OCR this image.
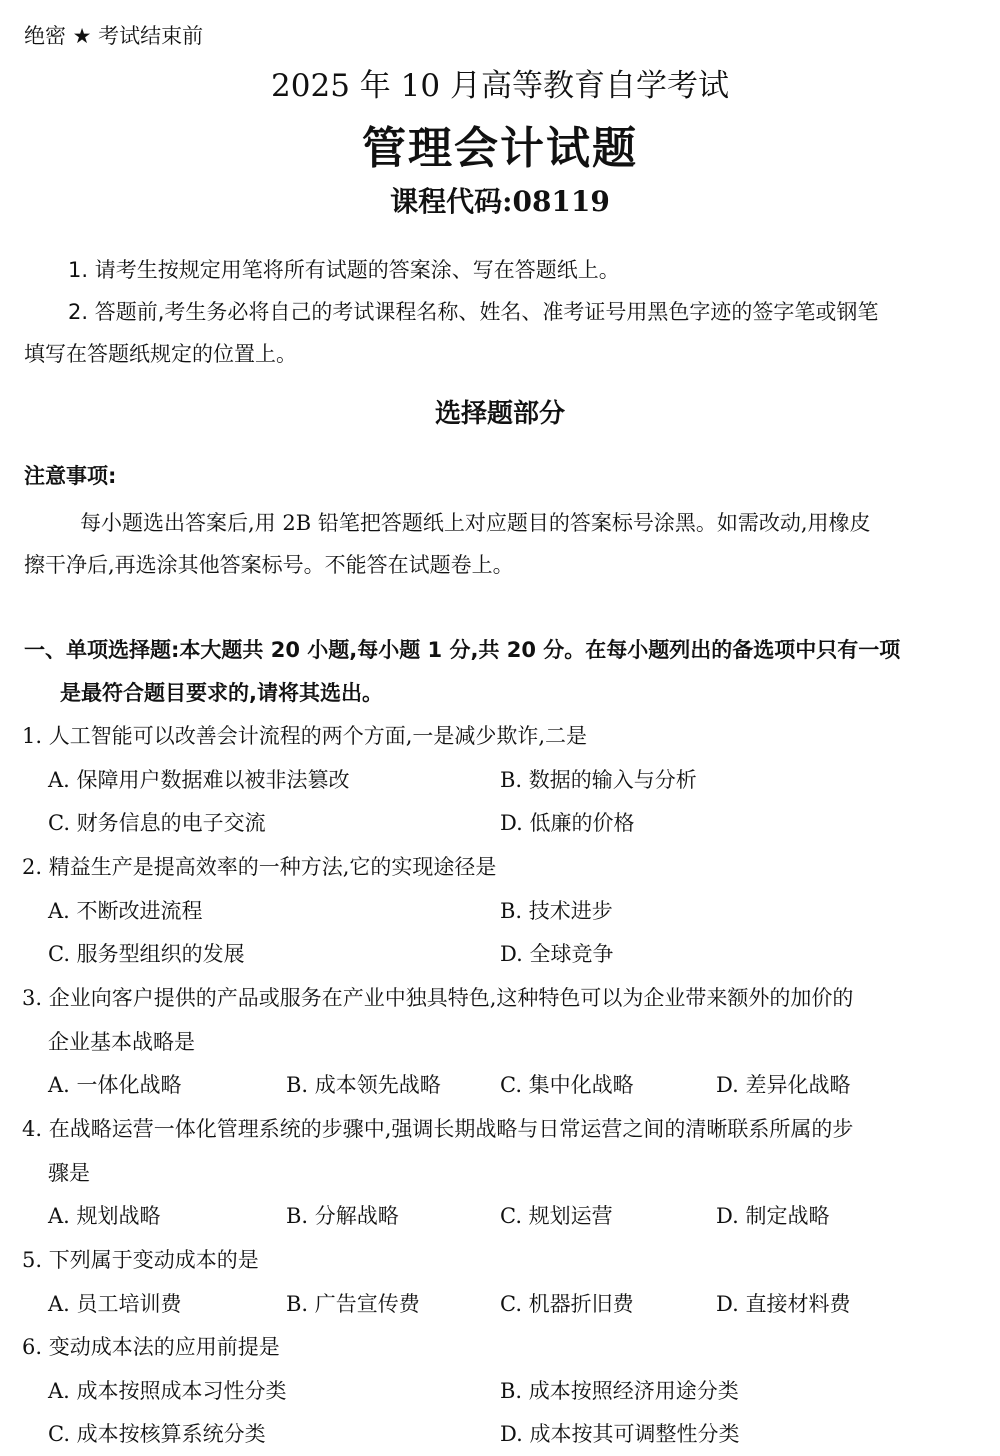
绝密 ★ 考试结束前
2025 年 10 月高等教育自学考试
管理会计试题
课程代码:08119
1. 请考生按规定用笔将所有试题的答案涂、写在答题纸上。
2. 答题前,考生务必将自己的考试课程名称、姓名、准考证号用黑色字迹的签字笔或钢笔
填写在答题纸规定的位置上。
选择题部分
注意事项:
每小题选出答案后,用 2B 铅笔把答题纸上对应题目的答案标号涂黑。如需改动,用橡皮
擦干净后,再选涂其他答案标号。不能答在试题卷上。
一、单项选择题:本大题共 20 小题,每小题 1 分,共 20 分。在每小题列出的备选项中只有一项
是最符合题目要求的,请将其选出。
1. 人工智能可以改善会计流程的两个方面,一是减少欺诈,二是
A. 保障用户数据难以被非法篡改	B. 数据的输入与分析
C. 财务信息的电子交流	D. 低廉的价格
2. 精益生产是提高效率的一种方法,它的实现途径是
A. 不断改进流程	B. 技术进步
C. 服务型组织的发展	D. 全球竞争
3. 企业向客户提供的产品或服务在产业中独具特色,这种特色可以为企业带来额外的加价的
企业基本战略是
A. 一体化战略	B. 成本领先战略	C. 集中化战略	D. 差异化战略
4. 在战略运营一体化管理系统的步骤中,强调长期战略与日常运营之间的清晰联系所属的步
骤是
A. 规划战略	B. 分解战略	C. 规划运营	D. 制定战略
5. 下列属于变动成本的是
A. 员工培训费	B. 广告宣传费	C. 机器折旧费	D. 直接材料费
6. 变动成本法的应用前提是
A. 成本按照成本习性分类	B. 成本按照经济用途分类
C. 成本按核算系统分类	D. 成本按其可调整性分类
